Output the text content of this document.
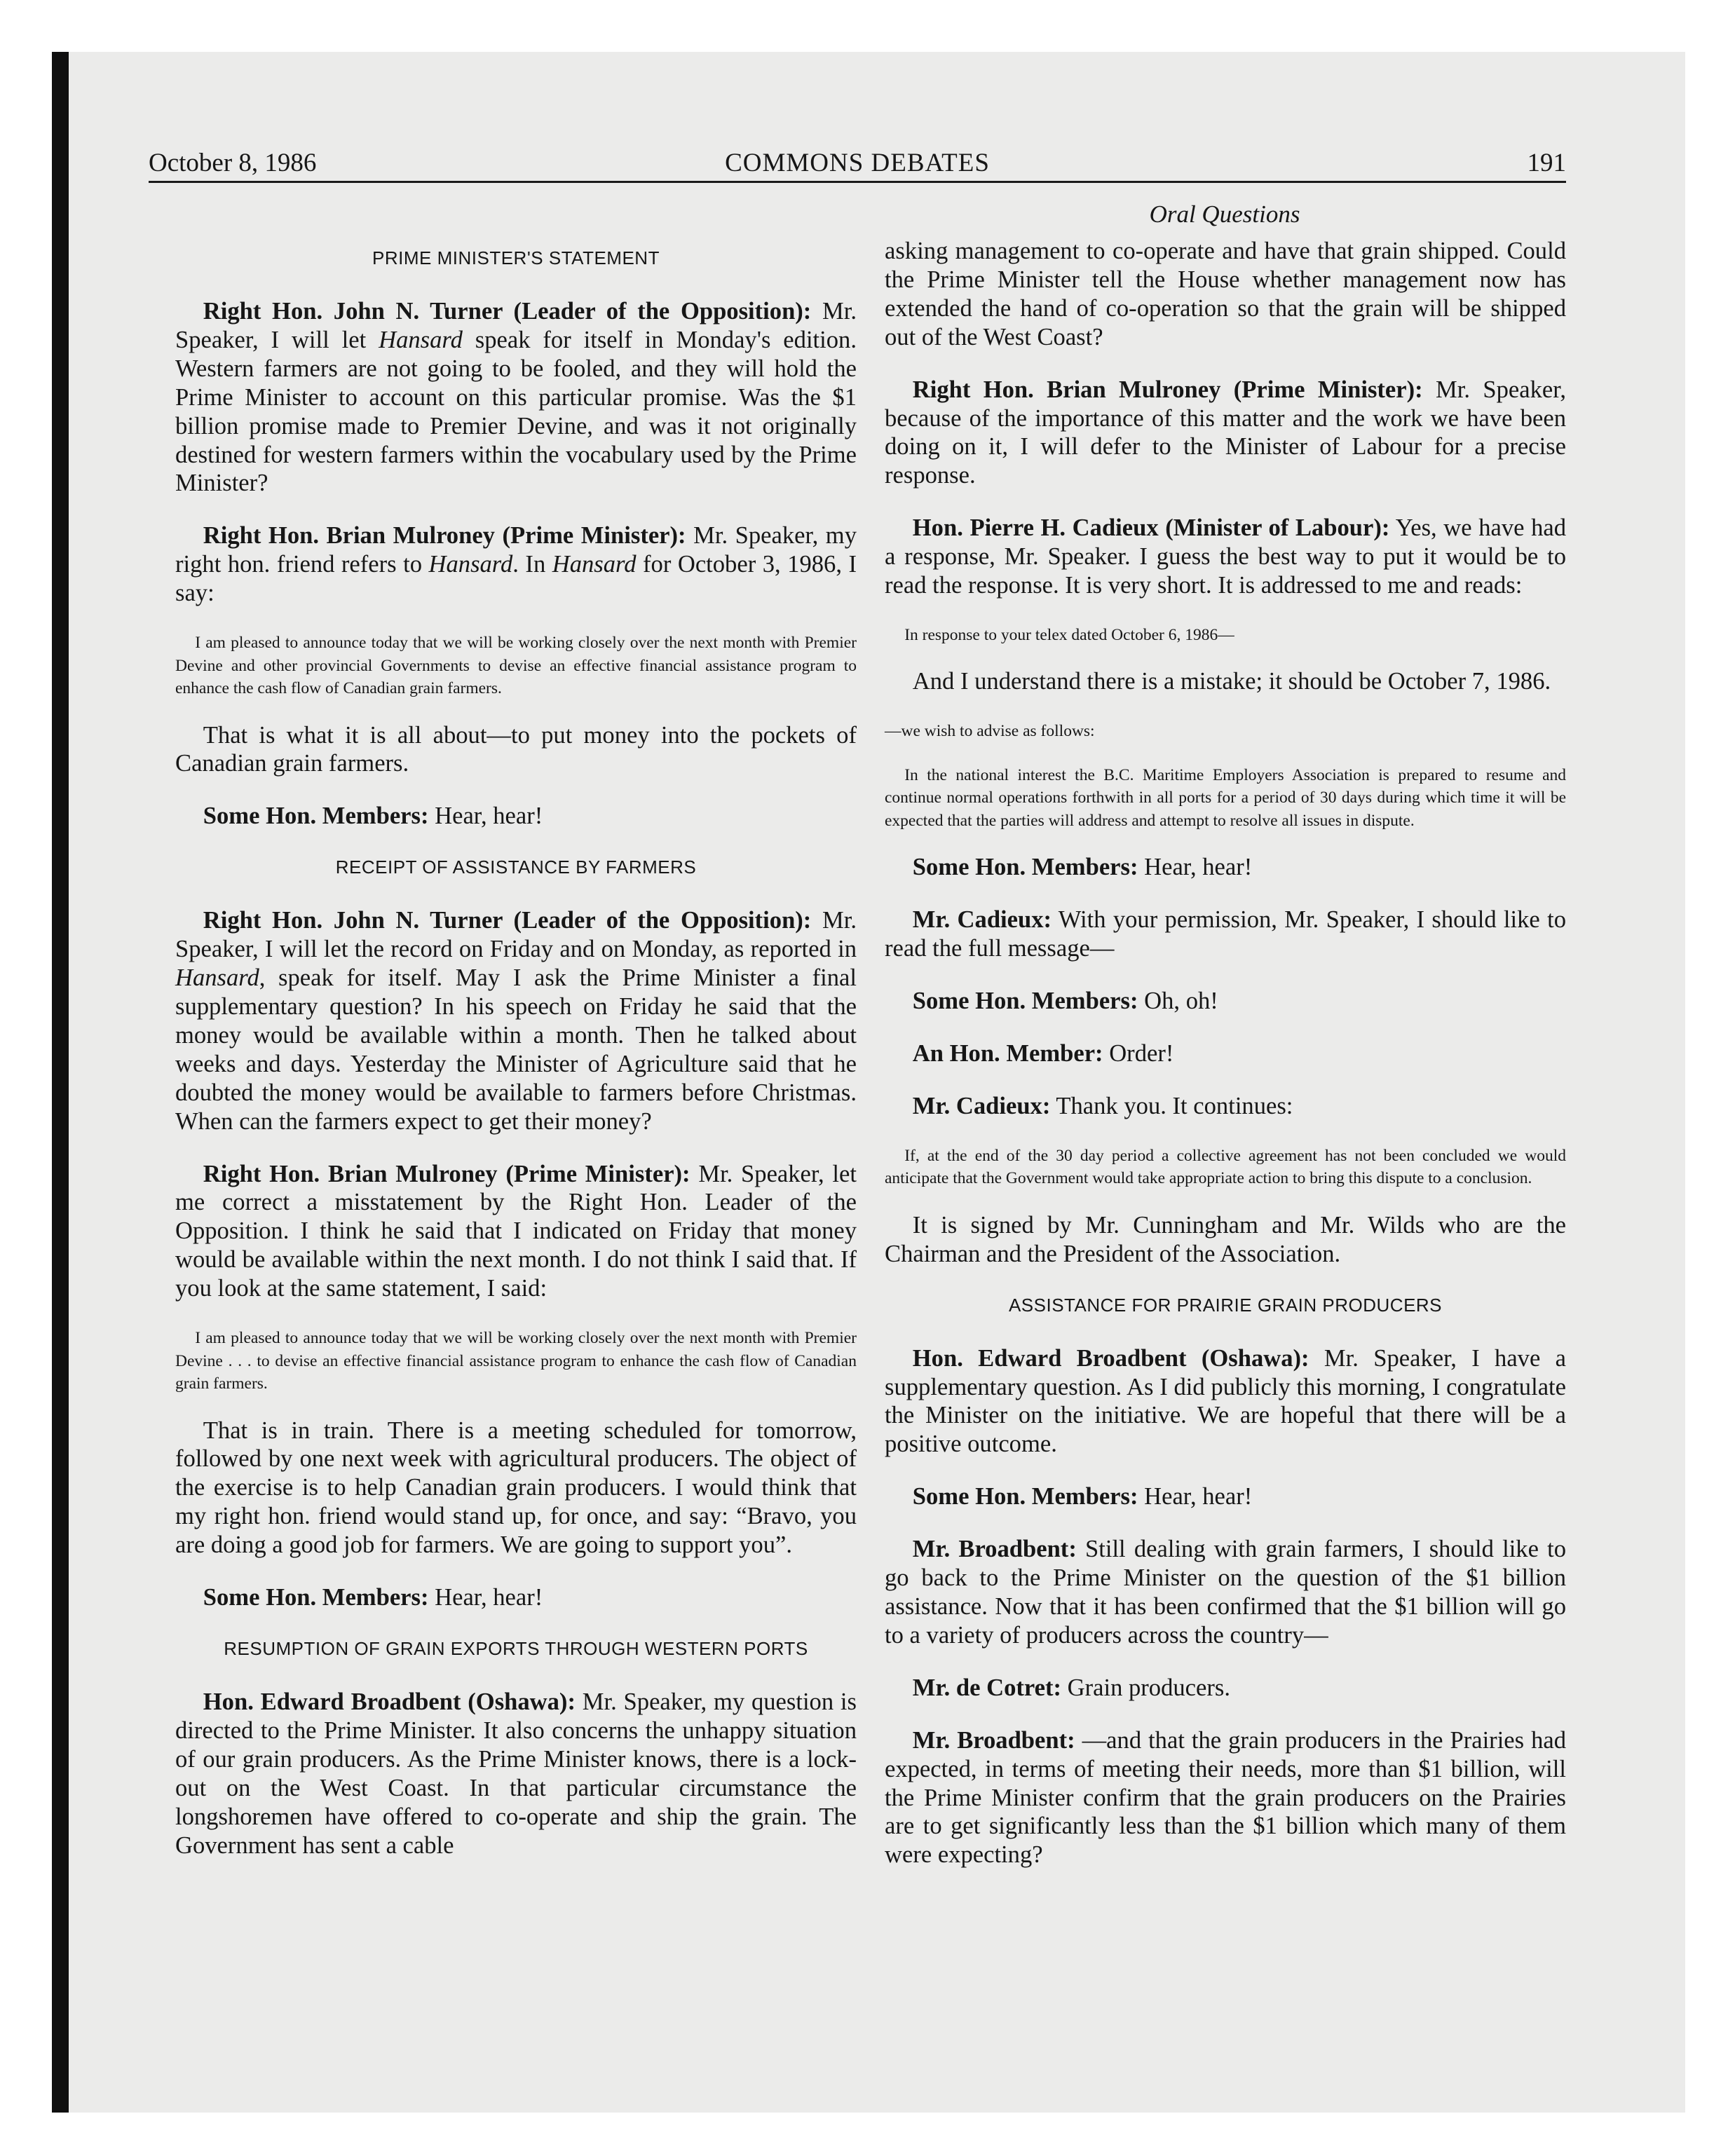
October 8, 1986	COMMONS DEBATES	191
Oral Questions
PRIME MINISTER'S STATEMENT

Right Hon. John N. Turner (Leader of the Opposition): Mr. Speaker, I will let Hansard speak for itself in Monday's edition. Western farmers are not going to be fooled, and they will hold the Prime Minister to account on this particular promise. Was the $1 billion promise made to Premier Devine, and was it not originally destined for western farmers within the vocabulary used by the Prime Minister?

Right Hon. Brian Mulroney (Prime Minister): Mr. Speaker, my right hon. friend refers to Hansard. In Hansard for October 3, 1986, I say:

I am pleased to announce today that we will be working closely over the next month with Premier Devine and other provincial Governments to devise an effective financial assistance program to enhance the cash flow of Canadian grain farmers.

That is what it is all about—to put money into the pockets of Canadian grain farmers.

Some Hon. Members: Hear, hear!

RECEIPT OF ASSISTANCE BY FARMERS

Right Hon. John N. Turner (Leader of the Opposition): Mr. Speaker, I will let the record on Friday and on Monday, as reported in Hansard, speak for itself. May I ask the Prime Minister a final supplementary question? In his speech on Friday he said that the money would be available within a month. Then he talked about weeks and days. Yesterday the Minister of Agriculture said that he doubted the money would be available to farmers before Christmas. When can the farmers expect to get their money?

Right Hon. Brian Mulroney (Prime Minister): Mr. Speaker, let me correct a misstatement by the Right Hon. Leader of the Opposition. I think he said that I indicated on Friday that money would be available within the next month. I do not think I said that. If you look at the same statement, I said:

I am pleased to announce today that we will be working closely over the next month with Premier Devine . . . to devise an effective financial assistance program to enhance the cash flow of Canadian grain farmers.

That is in train. There is a meeting scheduled for tomorrow, followed by one next week with agricultural producers. The object of the exercise is to help Canadian grain producers. I would think that my right hon. friend would stand up, for once, and say: “Bravo, you are doing a good job for farmers. We are going to support you”.

Some Hon. Members: Hear, hear!

RESUMPTION OF GRAIN EXPORTS THROUGH WESTERN PORTS

Hon. Edward Broadbent (Oshawa): Mr. Speaker, my question is directed to the Prime Minister. It also concerns the unhappy situation of our grain producers. As the Prime Minister knows, there is a lock-out on the West Coast. In that particular circumstance the longshoremen have offered to co-operate and ship the grain. The Government has sent a cable

asking management to co-operate and have that grain shipped. Could the Prime Minister tell the House whether management now has extended the hand of co-operation so that the grain will be shipped out of the West Coast?

Right Hon. Brian Mulroney (Prime Minister): Mr. Speaker, because of the importance of this matter and the work we have been doing on it, I will defer to the Minister of Labour for a precise response.

Hon. Pierre H. Cadieux (Minister of Labour): Yes, we have had a response, Mr. Speaker. I guess the best way to put it would be to read the response. It is very short. It is addressed to me and reads:

In response to your telex dated October 6, 1986—

And I understand there is a mistake; it should be October 7, 1986.

—we wish to advise as follows:

In the national interest the B.C. Maritime Employers Association is prepared to resume and continue normal operations forthwith in all ports for a period of 30 days during which time it will be expected that the parties will address and attempt to resolve all issues in dispute.

Some Hon. Members: Hear, hear!

Mr. Cadieux: With your permission, Mr. Speaker, I should like to read the full message—

Some Hon. Members: Oh, oh!

An Hon. Member: Order!

Mr. Cadieux: Thank you. It continues:

If, at the end of the 30 day period a collective agreement has not been concluded we would anticipate that the Government would take appropriate action to bring this dispute to a conclusion.

It is signed by Mr. Cunningham and Mr. Wilds who are the Chairman and the President of the Association.

ASSISTANCE FOR PRAIRIE GRAIN PRODUCERS

Hon. Edward Broadbent (Oshawa): Mr. Speaker, I have a supplementary question. As I did publicly this morning, I congratulate the Minister on the initiative. We are hopeful that there will be a positive outcome.

Some Hon. Members: Hear, hear!

Mr. Broadbent: Still dealing with grain farmers, I should like to go back to the Prime Minister on the question of the $1 billion assistance. Now that it has been confirmed that the $1 billion will go to a variety of producers across the country—

Mr. de Cotret: Grain producers.

Mr. Broadbent: —and that the grain producers in the Prairies had expected, in terms of meeting their needs, more than $1 billion, will the Prime Minister confirm that the grain producers on the Prairies are to get significantly less than the $1 billion which many of them were expecting?
